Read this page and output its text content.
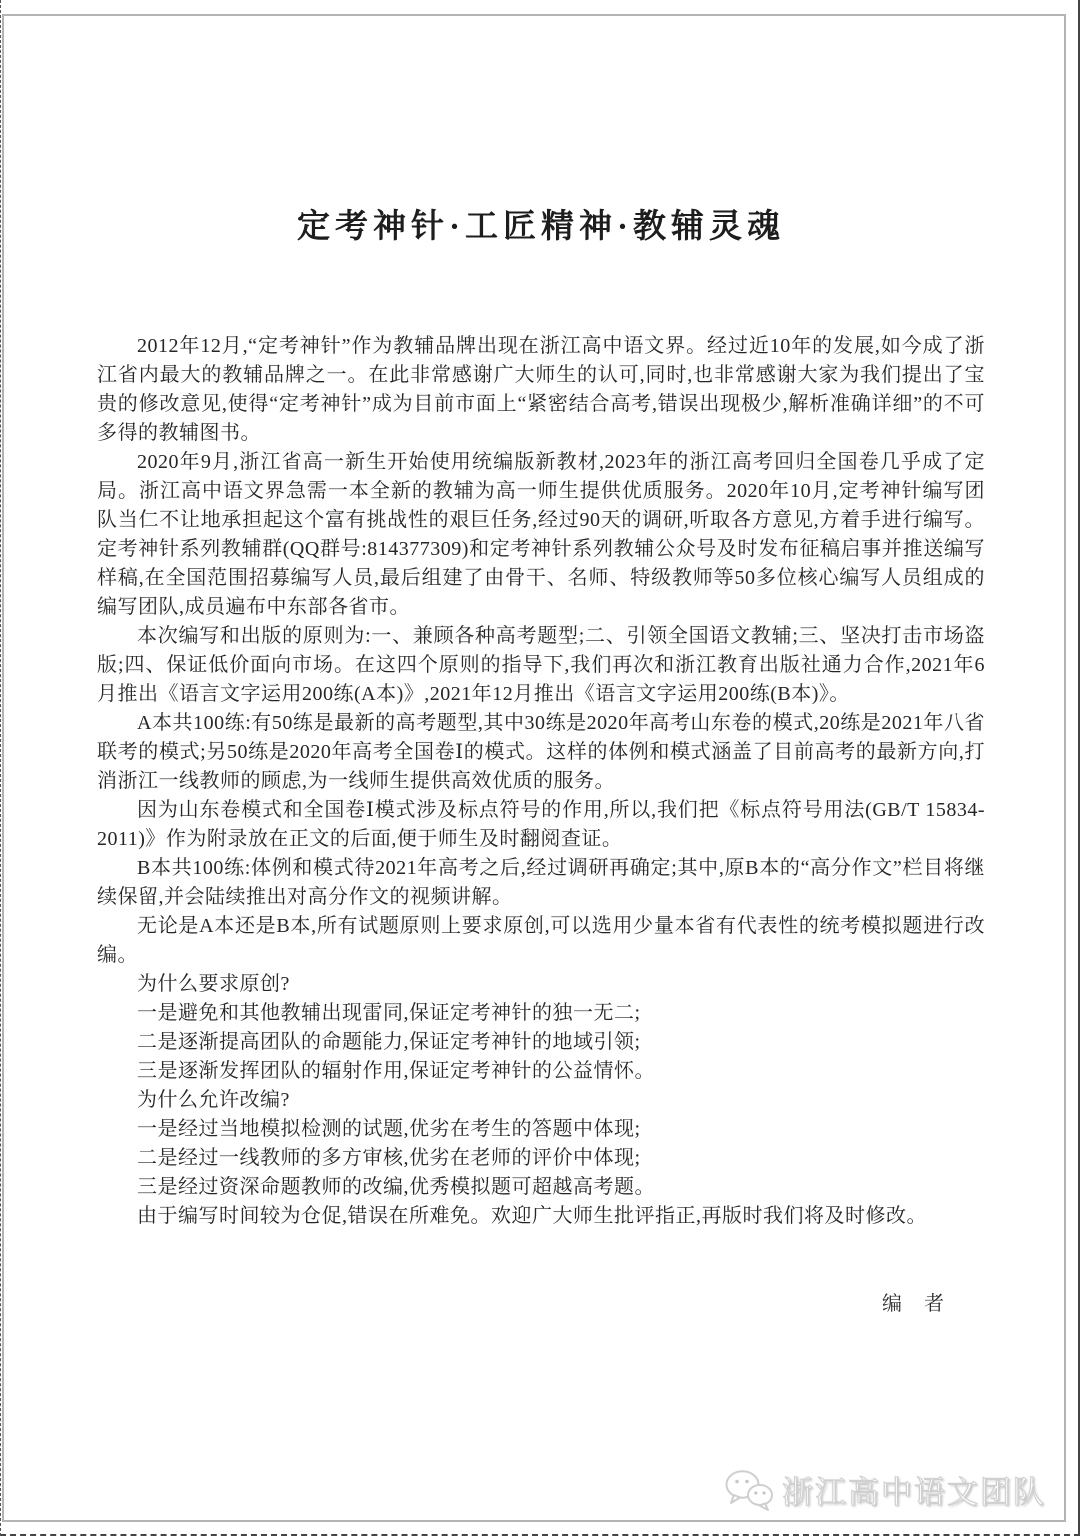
定考神针·工匠精神·教辅灵魂

2012年12月,“定考神针”作为教辅品牌出现在浙江高中语文界。经过近10年的发展,如今成了浙江省内最大的教辅品牌之一。在此非常感谢广大师生的认可,同时,也非常感谢大家为我们提出了宝贵的修改意见,使得“定考神针”成为目前市面上“紧密结合高考,错误出现极少,解析准确详细”的不可多得的教辅图书。

2020年9月,浙江省高一新生开始使用统编版新教材,2023年的浙江高考回归全国卷几乎成了定局。浙江高中语文界急需一本全新的教辅为高一师生提供优质服务。2020年10月,定考神针编写团队当仁不让地承担起这个富有挑战性的艰巨任务,经过90天的调研,听取各方意见,方着手进行编写。定考神针系列教辅群(QQ群号:814377309)和定考神针系列教辅公众号及时发布征稿启事并推送编写样稿,在全国范围招募编写人员,最后组建了由骨干、名师、特级教师等50多位核心编写人员组成的编写团队,成员遍布中东部各省市。

本次编写和出版的原则为:一、兼顾各种高考题型;二、引领全国语文教辅;三、坚决打击市场盗版;四、保证低价面向市场。在这四个原则的指导下,我们再次和浙江教育出版社通力合作,2021年6月推出《语言文字运用200练(A本)》,2021年12月推出《语言文字运用200练(B本)》。

A本共100练:有50练是最新的高考题型,其中30练是2020年高考山东卷的模式,20练是2021年八省联考的模式;另50练是2020年高考全国卷Ⅰ的模式。这样的体例和模式涵盖了目前高考的最新方向,打消浙江一线教师的顾虑,为一线师生提供高效优质的服务。

因为山东卷模式和全国卷Ⅰ模式涉及标点符号的作用,所以,我们把《标点符号用法(GB/T 15834-2011)》作为附录放在正文的后面,便于师生及时翻阅查证。

B本共100练:体例和模式待2021年高考之后,经过调研再确定;其中,原B本的“高分作文”栏目将继续保留,并会陆续推出对高分作文的视频讲解。

无论是A本还是B本,所有试题原则上要求原创,可以选用少量本省有代表性的统考模拟题进行改编。

为什么要求原创?

一是避免和其他教辅出现雷同,保证定考神针的独一无二;

二是逐渐提高团队的命题能力,保证定考神针的地域引领;

三是逐渐发挥团队的辐射作用,保证定考神针的公益情怀。

为什么允许改编?

一是经过当地模拟检测的试题,优劣在考生的答题中体现;

二是经过一线教师的多方审核,优劣在老师的评价中体现;

三是经过资深命题教师的改编,优秀模拟题可超越高考题。

由于编写时间较为仓促,错误在所难免。欢迎广大师生批评指正,再版时我们将及时修改。

编　者
浙江高中语文团队
